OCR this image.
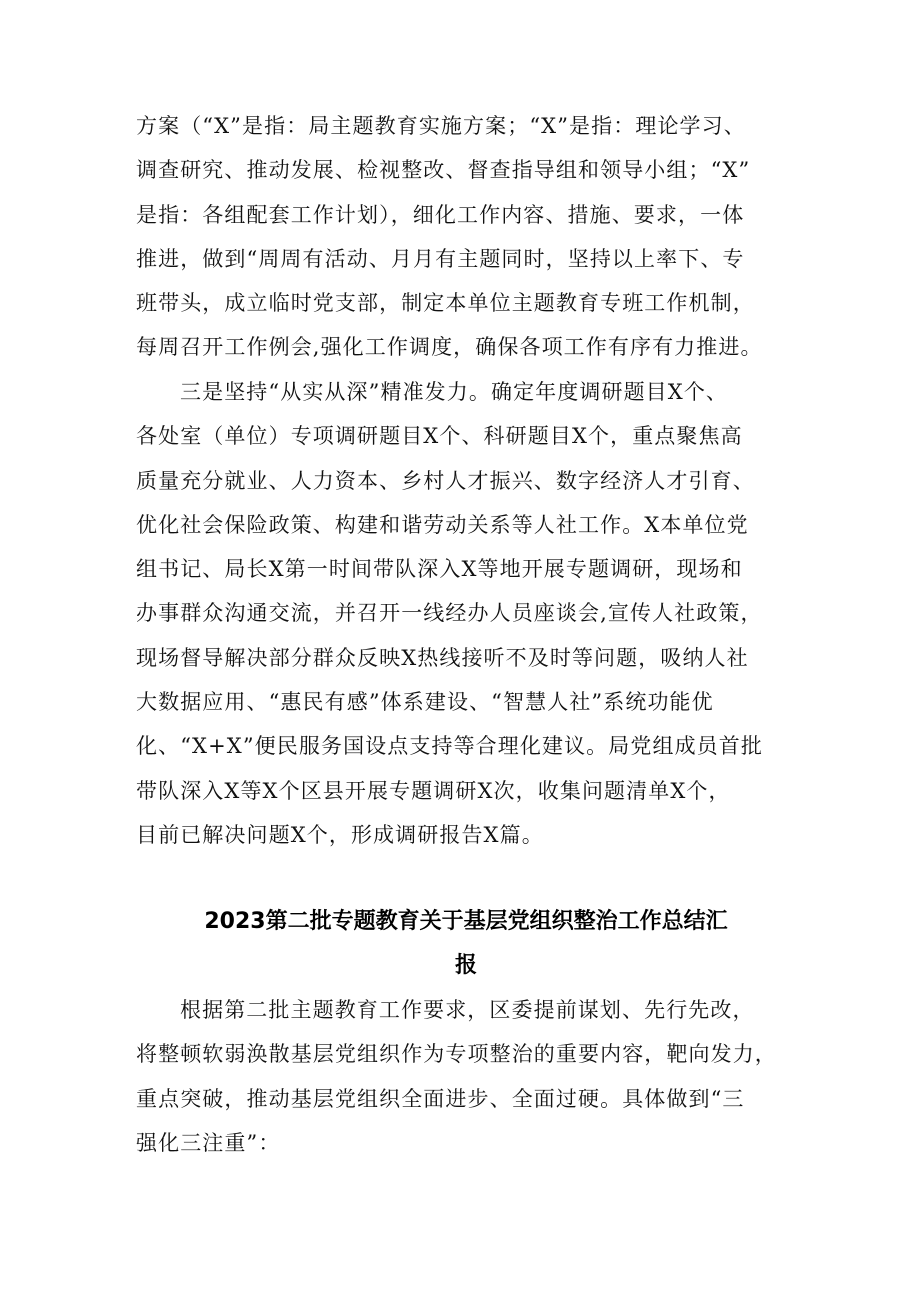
方案（“X”是指：局主题教育实施方案；“X”是指：理论学习、
调查研究、推动发展、检视整改、督查指导组和领导小组；“X”
是指：各组配套工作计划），细化工作内容、措施、要求，一体
推进，做到“周周有活动、月月有主题同时，坚持以上率下、专
班带头，成立临时党支部，制定本单位主题教育专班工作机制，
每周召开工作例会,强化工作调度，确保各项工作有序有力推进。
三是坚持“从实从深”精准发力。确定年度调研题目X个、
各处室（单位）专项调研题目X个、科研题目X个，重点聚焦高
质量充分就业、人力资本、乡村人才振兴、数字经济人才引育、
优化社会保险政策、构建和谐劳动关系等人社工作。X本单位党
组书记、局长X第一时间带队深入X等地开展专题调研，现场和
办事群众沟通交流，并召开一线经办人员座谈会,宣传人社政策，
现场督导解决部分群众反映X热线接听不及时等问题，吸纳人社
大数据应用、“惠民有感”体系建设、“智慧人社”系统功能优
化、“X+X”便民服务国设点支持等合理化建议。局党组成员首批
带队深入X等X个区县开展专題调研X次，收集问题清单X个，
目前已解决问题X个，形成调研报告X篇。
2023第二批专题教育关于基层党组织整治工作总结汇
报
根据第二批主题教育工作要求，区委提前谋划、先行先改，
将整顿软弱涣散基层党组织作为专项整治的重要内容，靶向发力，
重点突破，推动基层党组织全面进步、全面过硬。具体做到“三
强化三注重”：
